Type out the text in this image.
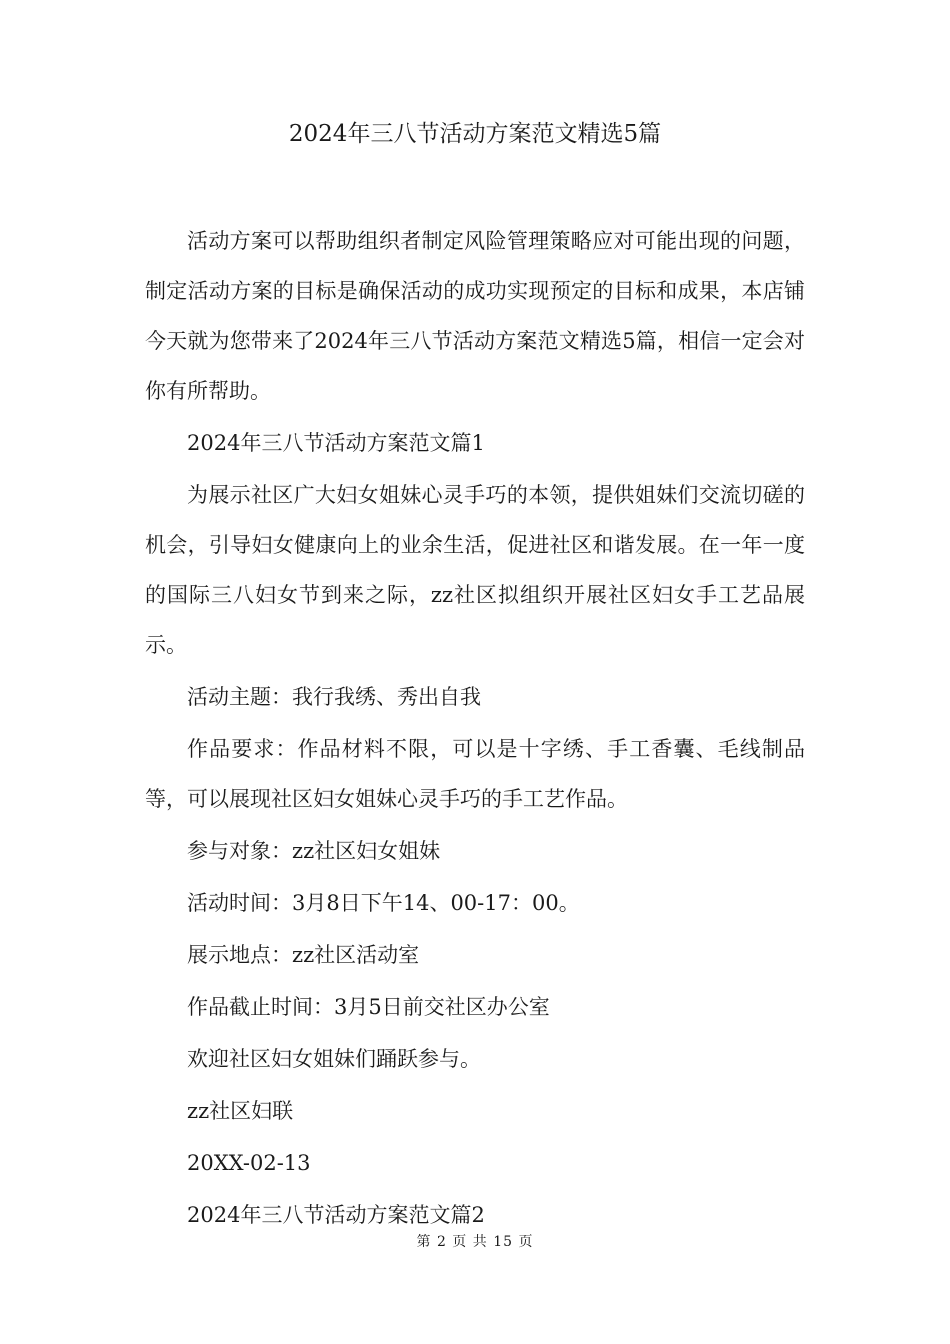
2024年三八节活动方案范文精选5篇

活动方案可以帮助组织者制定风险管理策略应对可能出现的问题，制定活动方案的目标是确保活动的成功实现预定的目标和成果，本店铺今天就为您带来了2024年三八节活动方案范文精选5篇，相信一定会对你有所帮助。

2024年三八节活动方案范文篇1

为展示社区广大妇女姐妹心灵手巧的本领，提供姐妹们交流切磋的机会，引导妇女健康向上的业余生活，促进社区和谐发展。在一年一度的国际三八妇女节到来之际，zz社区拟组织开展社区妇女手工艺品展示。

活动主题：我行我绣、秀出自我

作品要求：作品材料不限，可以是十字绣、手工香囊、毛线制品等，可以展现社区妇女姐妹心灵手巧的手工艺作品。

参与对象：zz社区妇女姐妹

活动时间：3月8日下午14、00-17：00。

展示地点：zz社区活动室

作品截止时间：3月5日前交社区办公室

欢迎社区妇女姐妹们踊跃参与。

zz社区妇联

20XX-02-13

2024年三八节活动方案范文篇2

第 2 页 共 15 页
